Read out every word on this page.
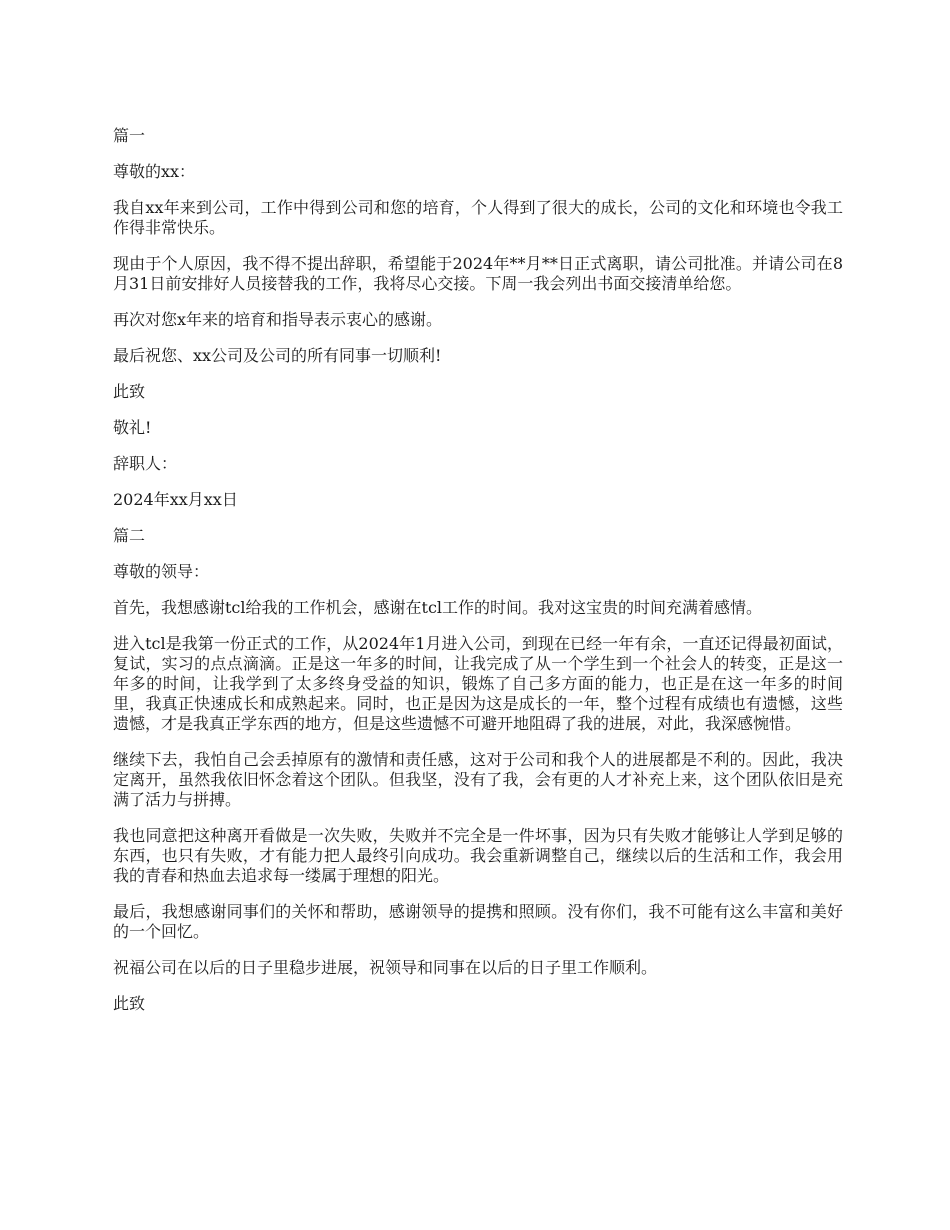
篇一

尊敬的xx：

我自xx年来到公司，工作中得到公司和您的培育，个人得到了很大的成长，公司的文化和环境也令我工作得非常快乐。

现由于个人原因，我不得不提出辞职，希望能于2024年**月**日正式离职，请公司批准。并请公司在8月31日前安排好人员接替我的工作，我将尽心交接。下周一我会列出书面交接清单给您。

再次对您x年来的培育和指导表示衷心的感谢。

最后祝您、xx公司及公司的所有同事一切顺利!

此致

敬礼!

辞职人：

2024年xx月xx日

篇二

尊敬的领导：

首先，我想感谢tcl给我的工作机会，感谢在tcl工作的时间。我对这宝贵的时间充满着感情。

进入tcl是我第一份正式的工作，从2024年1月进入公司，到现在已经一年有余，一直还记得最初面试，复试，实习的点点滴滴。正是这一年多的时间，让我完成了从一个学生到一个社会人的转变，正是这一年多的时间，让我学到了太多终身受益的知识，锻炼了自己多方面的能力，也正是在这一年多的时间里，我真正快速成长和成熟起来。同时，也正是因为这是成长的一年，整个过程有成绩也有遗憾，这些遗憾，才是我真正学东西的地方，但是这些遗憾不可避开地阻碍了我的进展，对此，我深感惋惜。

继续下去，我怕自己会丢掉原有的激情和责任感，这对于公司和我个人的进展都是不利的。因此，我决定离开，虽然我依旧怀念着这个团队。但我坚，没有了我，会有更的人才补充上来，这个团队依旧是充满了活力与拼搏。

我也同意把这种离开看做是一次失败，失败并不完全是一件坏事，因为只有失败才能够让人学到足够的东西，也只有失败，才有能力把人最终引向成功。我会重新调整自己，继续以后的生活和工作，我会用我的青春和热血去追求每一缕属于理想的阳光。

最后，我想感谢同事们的关怀和帮助，感谢领导的提携和照顾。没有你们，我不可能有这么丰富和美好的一个回忆。

祝福公司在以后的日子里稳步进展，祝领导和同事在以后的日子里工作顺利。

此致
